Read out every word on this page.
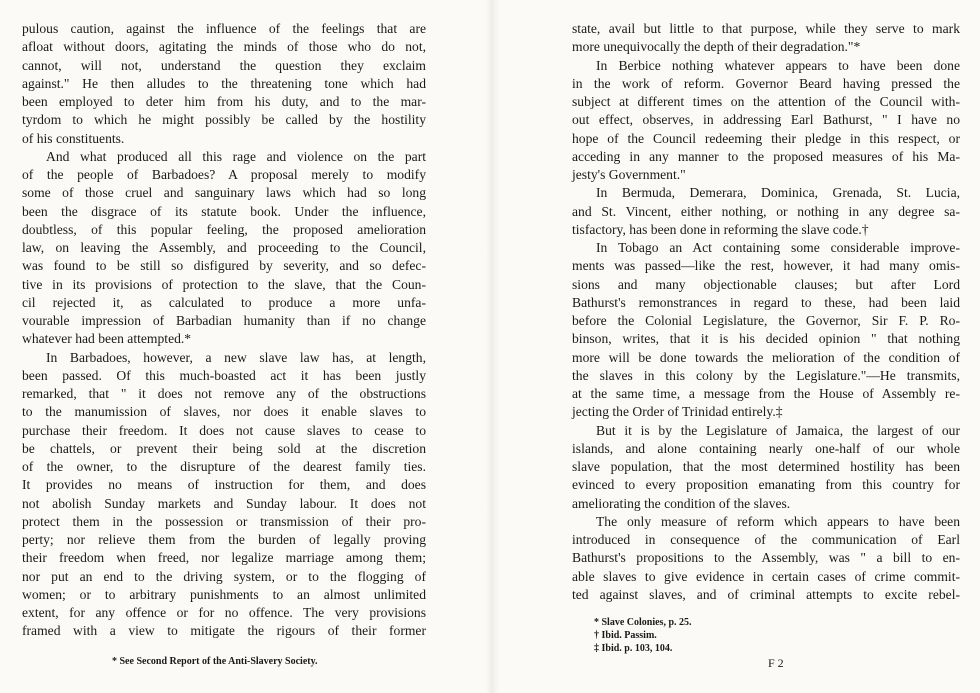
pulous caution, against the influence of the feelings that are
afloat without doors, agitating the minds of those who do not,
cannot, will not, understand the question they exclaim
against." He then alludes to the threatening tone which had
been employed to deter him from his duty, and to the mar-
tyrdom to which he might possibly be called by the hostility
of his constituents.
And what produced all this rage and violence on the part
of the people of Barbadoes? A proposal merely to modify
some of those cruel and sanguinary laws which had so long
been the disgrace of its statute book. Under the influence,
doubtless, of this popular feeling, the proposed amelioration
law, on leaving the Assembly, and proceeding to the Council,
was found to be still so disfigured by severity, and so defec-
tive in its provisions of protection to the slave, that the Coun-
cil rejected it, as calculated to produce a more unfa-
vourable impression of Barbadian humanity than if no change
whatever had been attempted.*
In Barbadoes, however, a new slave law has, at length,
been passed. Of this much-boasted act it has been justly
remarked, that " it does not remove any of the obstructions
to the manumission of slaves, nor does it enable slaves to
purchase their freedom. It does not cause slaves to cease to
be chattels, or prevent their being sold at the discretion
of the owner, to the disrupture of the dearest family ties.
It provides no means of instruction for them, and does
not abolish Sunday markets and Sunday labour. It does not
protect them in the possession or transmission of their pro-
perty; nor relieve them from the burden of legally proving
their freedom when freed, nor legalize marriage among them;
nor put an end to the driving system, or to the flogging of
women; or to arbitrary punishments to an almost unlimited
extent, for any offence or for no offence. The very provisions
framed with a view to mitigate the rigours of their former
* See Second Report of the Anti-Slavery Society.
state, avail but little to that purpose, while they serve to mark
more unequivocally the depth of their degradation."*
In Berbice nothing whatever appears to have been done
in the work of reform. Governor Beard having pressed the
subject at different times on the attention of the Council with-
out effect, observes, in addressing Earl Bathurst, " I have no
hope of the Council redeeming their pledge in this respect, or
acceding in any manner to the proposed measures of his Ma-
jesty's Government."
In Bermuda, Demerara, Dominica, Grenada, St. Lucia,
and St. Vincent, either nothing, or nothing in any degree sa-
tisfactory, has been done in reforming the slave code.†
In Tobago an Act containing some considerable improve-
ments was passed—like the rest, however, it had many omis-
sions and many objectionable clauses; but after Lord
Bathurst's remonstrances in regard to these, had been laid
before the Colonial Legislature, the Governor, Sir F. P. Ro-
binson, writes, that it is his decided opinion " that nothing
more will be done towards the melioration of the condition of
the slaves in this colony by the Legislature."—He transmits,
at the same time, a message from the House of Assembly re-
jecting the Order of Trinidad entirely.‡
But it is by the Legislature of Jamaica, the largest of our
islands, and alone containing nearly one-half of our whole
slave population, that the most determined hostility has been
evinced to every proposition emanating from this country for
ameliorating the condition of the slaves.
The only measure of reform which appears to have been
introduced in consequence of the communication of Earl
Bathurst's propositions to the Assembly, was " a bill to en-
able slaves to give evidence in certain cases of crime commit-
ted against slaves, and of criminal attempts to excite rebel-
* Slave Colonies, p. 25.
† Ibid. Passim.
‡ Ibid. p. 103, 104.
F 2
